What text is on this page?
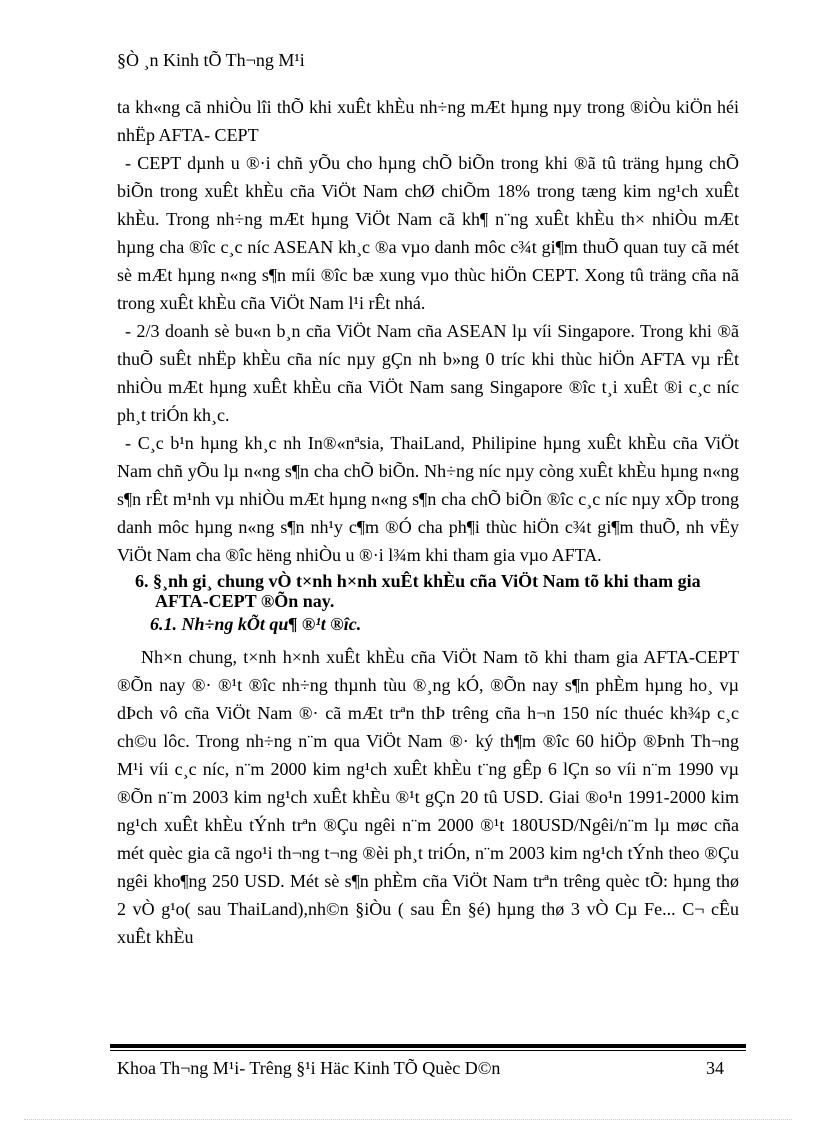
§Ò ¸n Kinh tÕ Th¬ng M¹i

ta kh«ng cã nhiÒu lîi thÕ khi xuÊt khÈu nh÷ng mÆt hµng nµy trong ®iÒu kiÖn héi nhËp AFTA- CEPT

- CEPT dµnh u ®·i chñ yÕu cho hµng chÕ biÕn trong khi ®ã tû träng hµng chÕ biÕn trong xuÊt khÈu cña ViÖt Nam chØ chiÕm 18% trong tæng kim ng¹ch xuÊt khÈu. Trong nh÷ng mÆt hµng ViÖt Nam cã kh¶ n¨ng xuÊt khÈu th× nhiÒu mÆt hµng cha ®îc c¸c níc ASEAN kh¸c ®a vµo danh môc c¾t gi¶m thuÕ quan tuy cã mét sè mÆt hµng n«ng s¶n míi ®îc bæ xung vµo thùc hiÖn CEPT. Xong tû träng cña nã trong xuÊt khÈu cña ViÖt Nam l¹i rÊt nhá.

- 2/3 doanh sè bu«n b¸n cña ViÖt Nam cña ASEAN lµ víi Singapore. Trong khi ®ã thuÕ suÊt nhËp khÈu cña níc nµy gÇn nh b»ng 0 tríc khi thùc hiÖn AFTA vµ rÊt nhiÒu mÆt hµng xuÊt khÈu cña ViÖt Nam sang Singapore ®îc t¸i xuÊt ®i c¸c níc ph¸t triÓn kh¸c.

- C¸c b¹n hµng kh¸c nh In®«nªsia, ThaiLand, Philipine hµng xuÊt khÈu cña ViÖt Nam chñ yÕu lµ n«ng s¶n cha chÕ biÕn. Nh÷ng níc nµy còng xuÊt khÈu hµng n«ng s¶n rÊt m¹nh vµ nhiÒu mÆt hµng n«ng s¶n cha chÕ biÕn ®îc c¸c níc nµy xÕp trong danh môc hµng n«ng s¶n nh¹y c¶m ®Ó cha ph¶i thùc hiÖn c¾t gi¶m thuÕ, nh vËy ViÖt Nam cha ®îc hëng nhiÒu u ®·i l¾m khi tham gia vµo AFTA.

6. §¸nh gi¸ chung vÒ t×nh h×nh xuÊt khÈu cña ViÖt Nam tõ khi tham gia AFTA-CEPT ®Õn nay.

6.1. Nh÷ng kÕt qu¶ ®¹t ®îc.

Nh×n chung, t×nh h×nh xuÊt khÈu cña ViÖt Nam tõ khi tham gia AFTA-CEPT ®Õn nay ®· ®¹t ®îc nh÷ng thµnh tùu ®¸ng kÓ, ®Õn nay s¶n phÈm hµng ho¸ vµ dÞch vô cña ViÖt Nam ®· cã mÆt trªn thÞ trêng cña h¬n 150 níc thuéc kh¾p c¸c ch©u lôc. Trong nh÷ng n¨m qua ViÖt Nam ®· ký th¶m ®îc 60 hiÖp ®Þnh Th¬ng M¹i víi c¸c níc, n¨m 2000 kim ng¹ch xuÊt khÈu t¨ng gÊp 6 lÇn so víi n¨m 1990 vµ ®Õn n¨m 2003 kim ng¹ch xuÊt khÈu ®¹t gÇn 20 tû USD. Giai ®o¹n 1991-2000 kim ng¹ch xuÊt khÈu tÝnh trªn ®Çu ngêi n¨m 2000 ®¹t 180USD/Ngêi/n¨m lµ møc cña mét quèc gia cã ngo¹i th¬ng t¬ng ®èi ph¸t triÓn, n¨m 2003 kim ng¹ch tÝnh theo ®Çu ngêi kho¶ng 250 USD. Mét sè s¶n phÈm cña ViÖt Nam trªn trêng quèc tÕ: hµng thø 2 vÒ g¹o( sau ThaiLand),nh©n §iÒu ( sau Ên §é) hµng thø 3 vÒ Cµ Fe... C¬ cÊu xuÊt khÈu

Khoa Th¬ng M¹i- Trêng §¹i Häc Kinh TÕ Quèc D©n	34
